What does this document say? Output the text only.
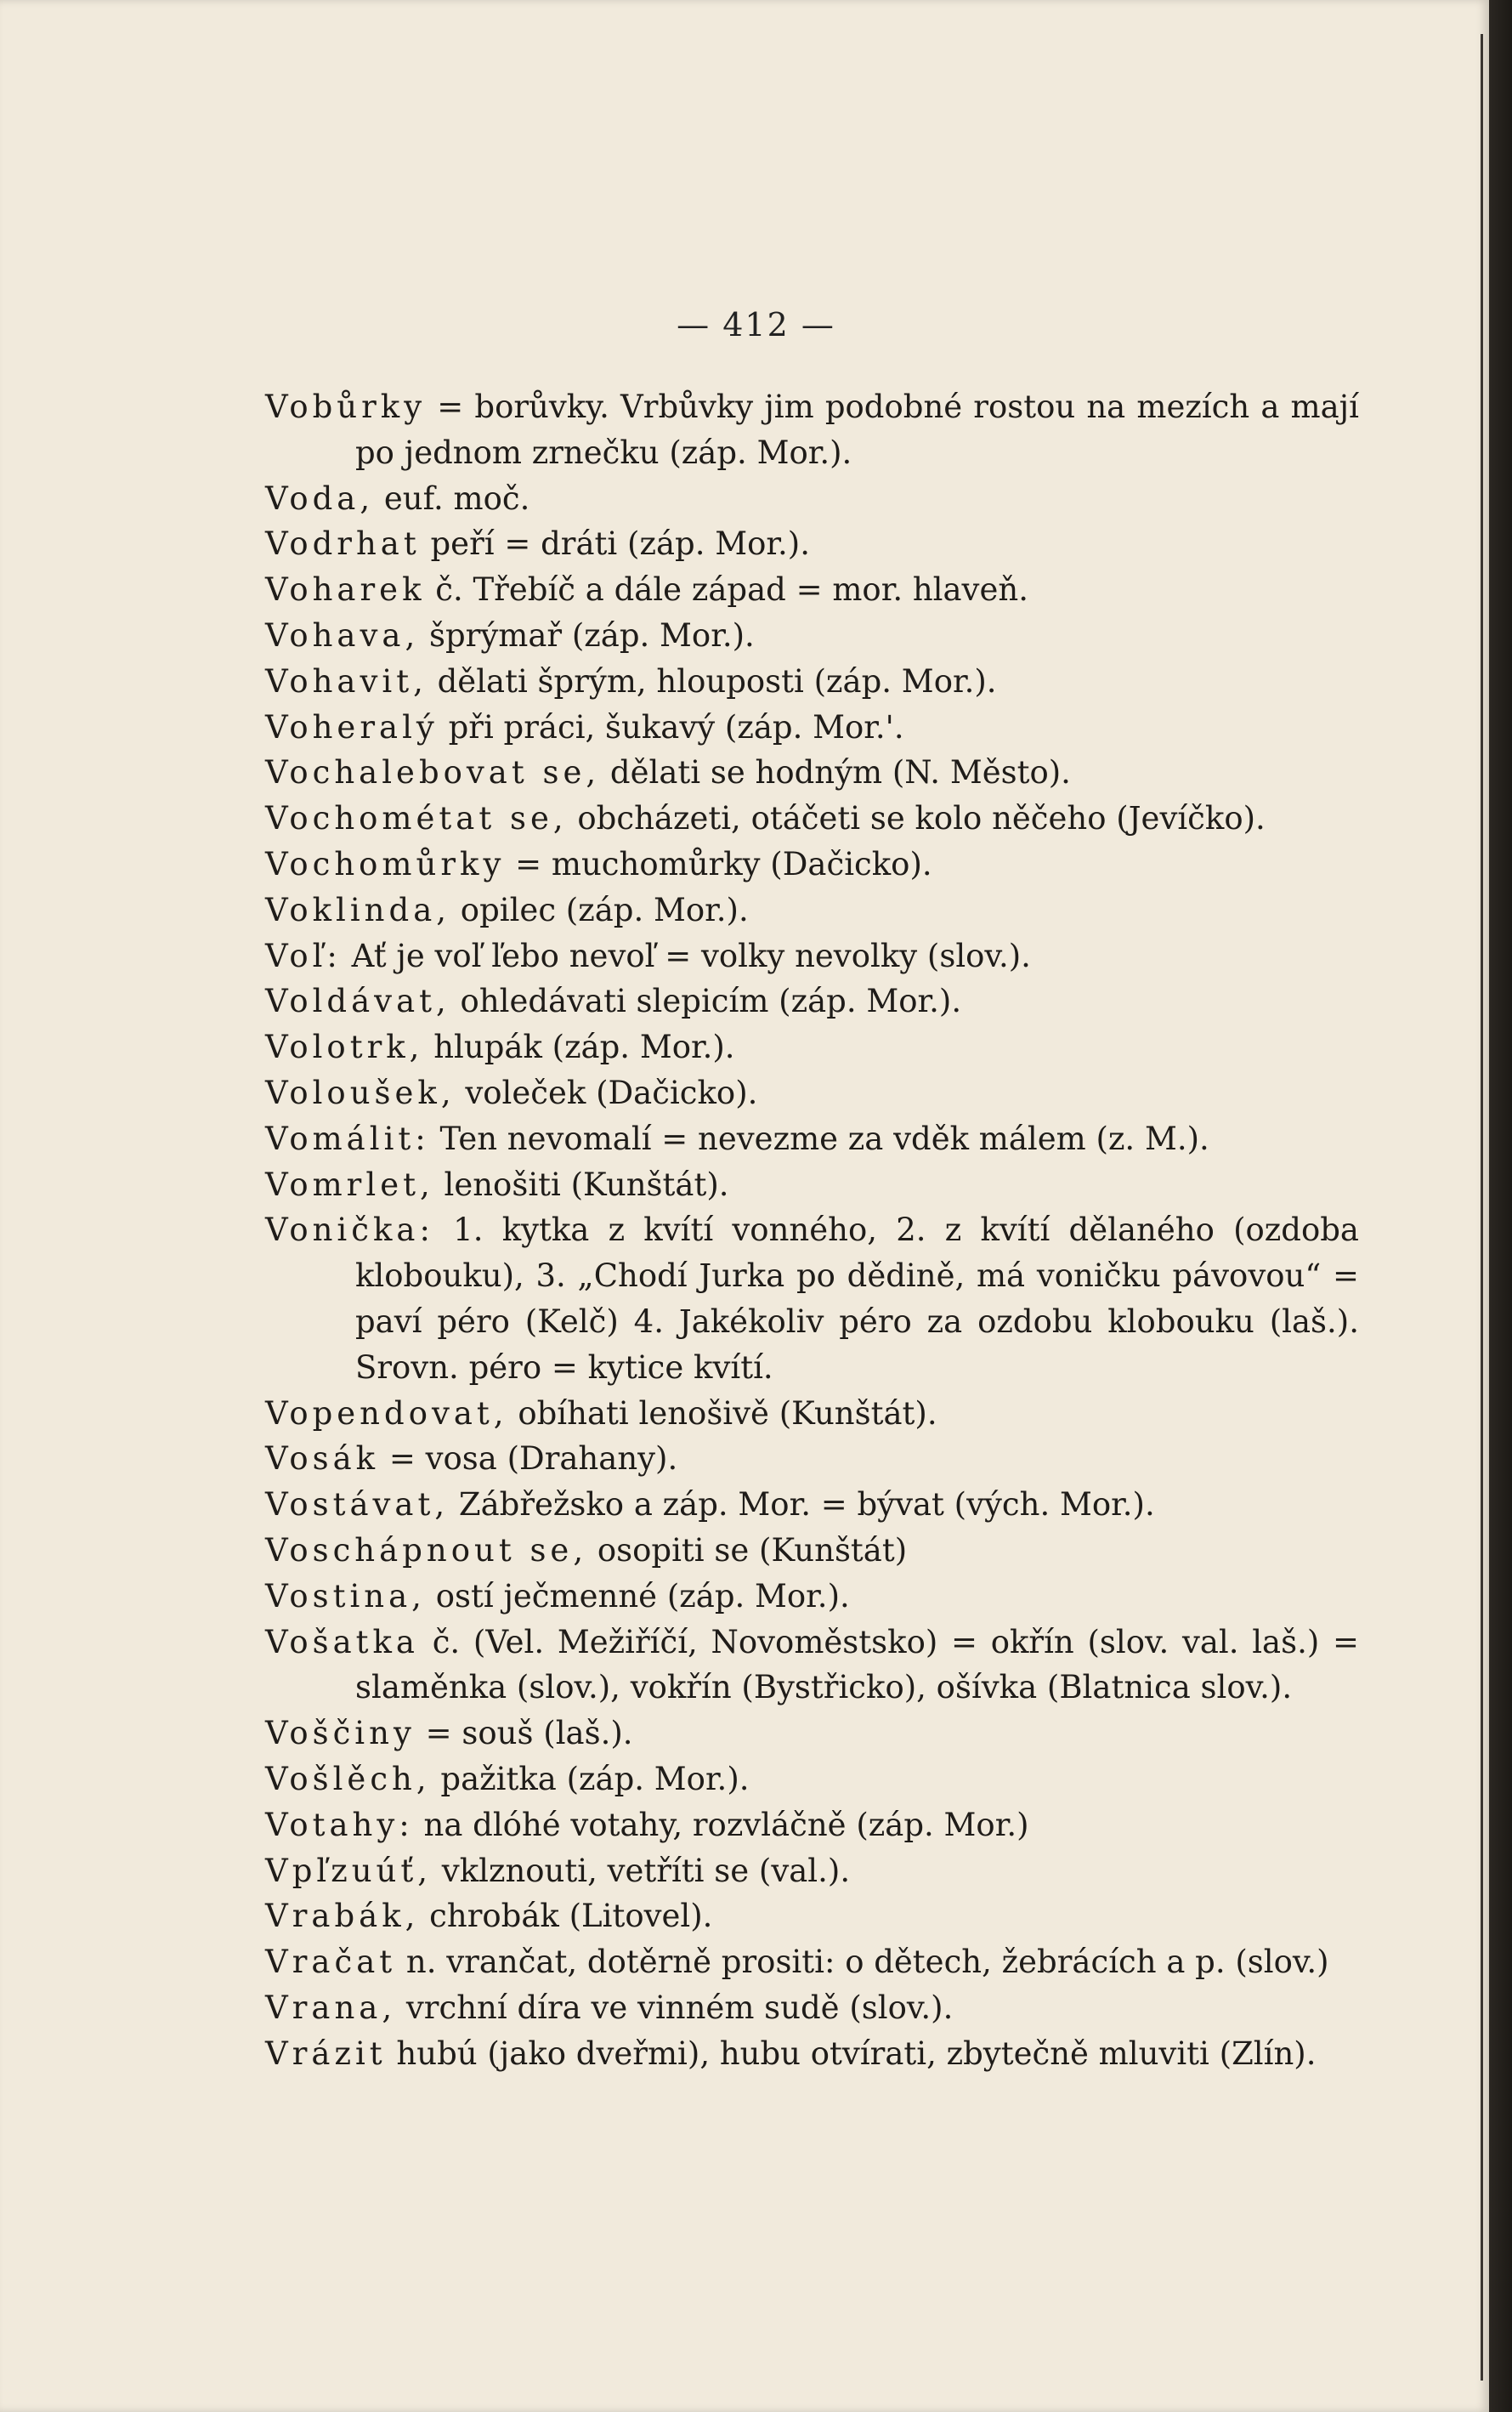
— 412 —

Vobůrky = borůvky. Vrbůvky jim podobné rostou na mezích a mají po jednom zrnečku (záp. Mor.).

Voda, euf. moč.

Vodrhat peří = dráti (záp. Mor.).

Voharek č. Třebíč a dále západ = mor. hlaveň.

Vohava, šprýmař (záp. Mor.).

Vohavit, dělati šprým, hlouposti (záp. Mor.).

Voheralý při práci, šukavý (záp. Mor.'.

Vochalebovat se, dělati se hodným (N. Město).

Vochométat se, obcházeti, otáčeti se kolo něčeho (Jevíčko).

Vochomůrky = muchomůrky (Dačicko).

Voklinda, opilec (záp. Mor.).

Voľ: Ať je voľ ľebo nevoľ = volky nevolky (slov.).

Voldávat, ohledávati slepicím (záp. Mor.).

Volotrk, hlupák (záp. Mor.).

Voloušek, voleček (Dačicko).

Vomálit: Ten nevomalí = nevezme za vděk málem (z. M.).

Vomrlet, lenošiti (Kunštát).

Vonička: 1. kytka z kvítí vonného, 2. z kvítí dělaného (ozdoba klobouku), 3. „Chodí Jurka po dědině, má voničku pávovou“ = paví péro (Kelč) 4. Jakékoliv péro za ozdobu klobouku (laš.). Srovn. péro = kytice kvítí.

Vopendovat, obíhati lenošivě (Kunštát).

Vosák = vosa (Drahany).

Vostávat, Zábřežsko a záp. Mor. = bývat (vých. Mor.).

Voschápnout se, osopiti se (Kunštát)

Vostina, ostí ječmenné (záp. Mor.).

Vošatka č. (Vel. Mežiříčí, Novoměstsko) = okřín (slov. val. laš.) = slaměnka (slov.), vokřín (Bystřicko), ošívka (Blatnica slov.).

Voščiny = souš (laš.).

Vošlěch, pažitka (záp. Mor.).

Votahy: na dlóhé votahy, rozvláčně (záp. Mor.)

Vpľzuúť, vklznouti, vetříti se (val.).

Vrabák, chrobák (Litovel).

Vračat n. vrančat, dotěrně prositi: o dětech, žebrácích a p. (slov.)

Vrana, vrchní díra ve vinném sudě (slov.).

Vrázit hubú (jako dveřmi), hubu otvírati, zbytečně mluviti (Zlín).
